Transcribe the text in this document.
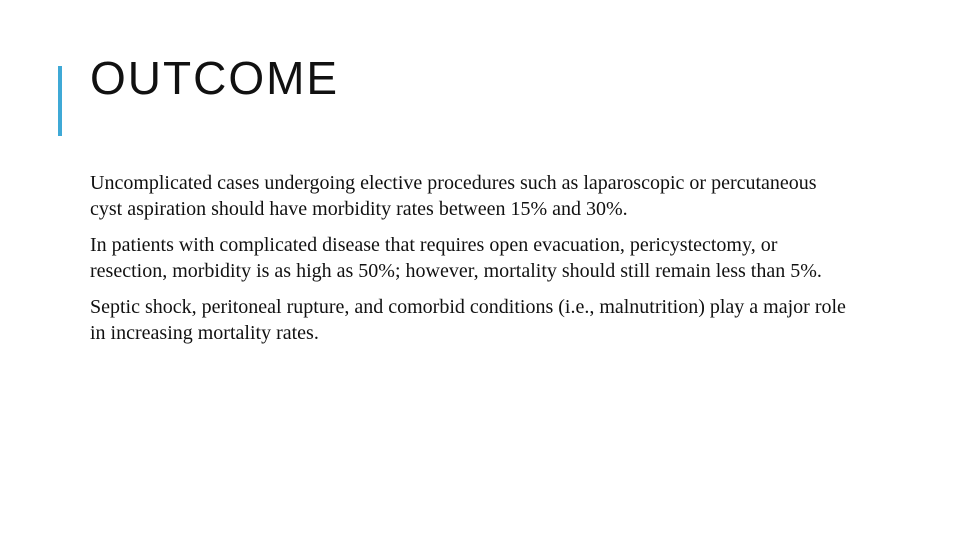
OUTCOME
Uncomplicated cases undergoing elective procedures such as laparoscopic or percutaneous cyst aspiration should have morbidity rates between 15% and 30%.
In patients with complicated disease that requires open evacuation, pericystectomy, or resection, morbidity is as high as 50%; however, mortality should still remain less than 5%.
Septic shock, peritoneal rupture, and comorbid conditions (i.e., malnutrition) play a major role in increasing mortality rates.
